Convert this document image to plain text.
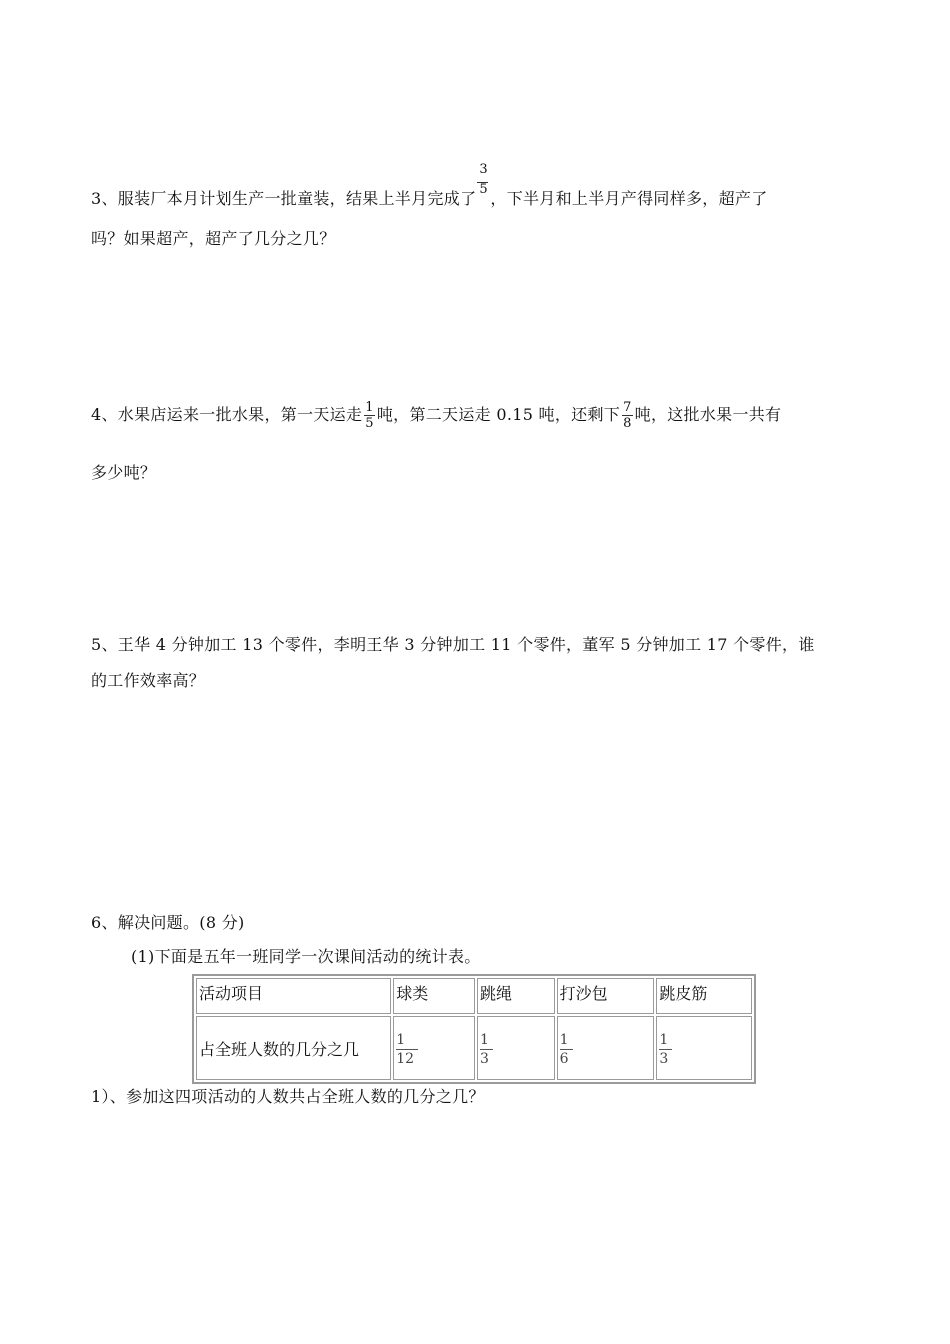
3、服装厂本月计划生产一批童装，结果上半月完成了 $\frac{3}{5}$ ，下半月和上半月产得同样多，超产了
吗？如果超产，超产了几分之几？
4、水果店运来一批水果，第一天运走 $\frac{1}{5}$ 吨，第二天运走 0.15 吨，还剩下 $\frac{7}{8}$ 吨，这批水果一共有
多少吨？
5、王华 4 分钟加工 13 个零件，李明王华 3 分钟加工 11 个零件，董军 5 分钟加工 17 个零件，谁
的工作效率高？
6、解决问题。(8 分)
(1)下面是五年一班同学一次课间活动的统计表。
活动项目	球类	跳绳	打沙包	跳皮筋
占全班人数的几分之几	$\frac{1}{12}$	$\frac{1}{3}$	$\frac{1}{6}$	$\frac{1}{3}$
1）、参加这四项活动的人数共占全班人数的几分之几？
